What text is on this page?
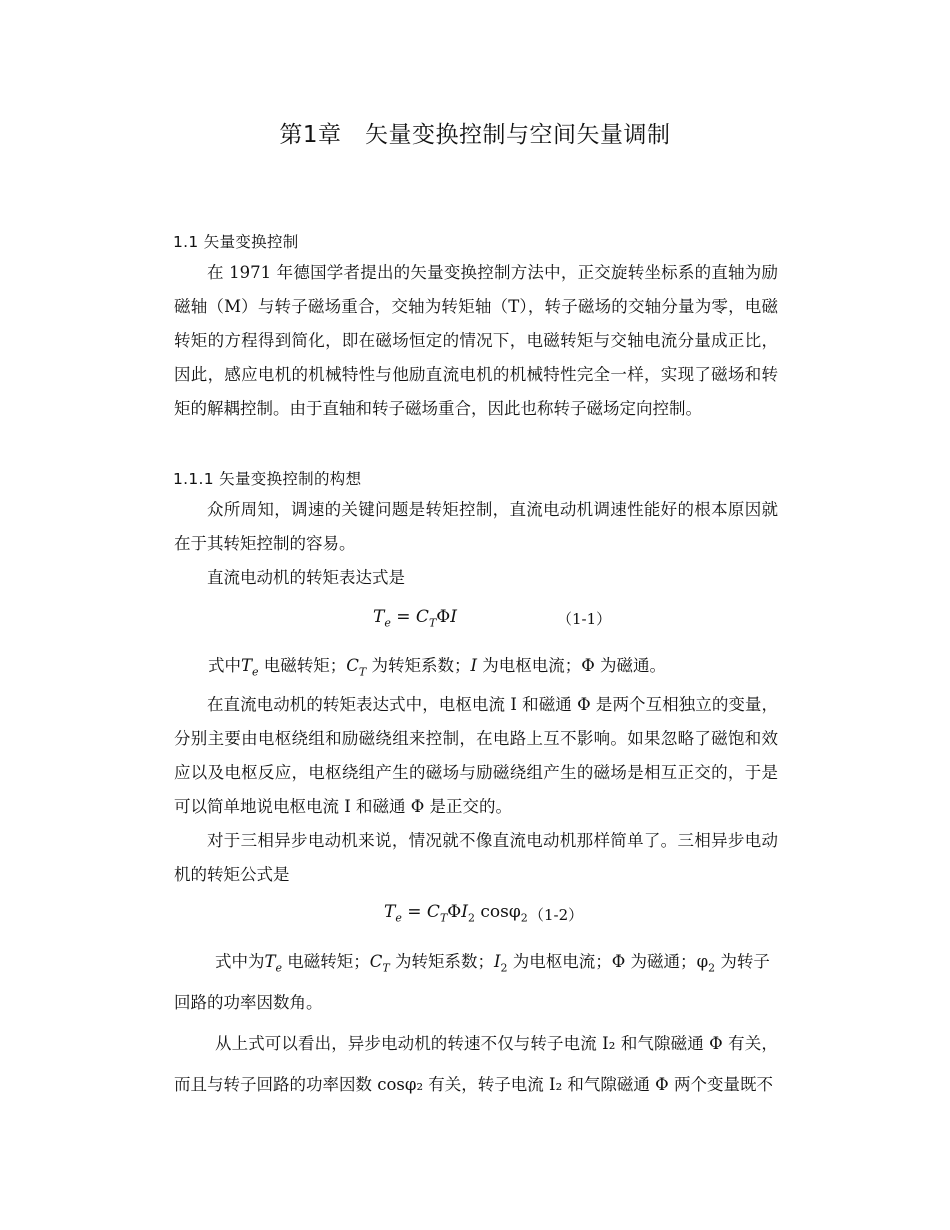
第1章　矢量变换控制与空间矢量调制
1.1 矢量变换控制

在 1971 年德国学者提出的矢量变换控制方法中，正交旋转坐标系的直轴为励磁轴（M）与转子磁场重合，交轴为转矩轴（T），转子磁场的交轴分量为零，电磁转矩的方程得到简化，即在磁场恒定的情况下，电磁转矩与交轴电流分量成正比，因此，感应电机的机械特性与他励直流电机的机械特性完全一样，实现了磁场和转矩的解耦控制。由于直轴和转子磁场重合，因此也称转子磁场定向控制。

1.1.1 矢量变换控制的构想

众所周知，调速的关键问题是转矩控制，直流电动机调速性能好的根本原因就在于其转矩控制的容易。

直流电动机的转矩表达式是

$T_e = C_T\Phi I$	（1-1）
式中$T_e$ 电磁转矩；$C_T$ 为转矩系数；I 为电枢电流；Φ 为磁通。

在直流电动机的转矩表达式中，电枢电流 I 和磁通 Φ 是两个互相独立的变量，分别主要由电枢绕组和励磁绕组来控制，在电路上互不影响。如果忽略了磁饱和效应以及电枢反应，电枢绕组产生的磁场与励磁绕组产生的磁场是相互正交的，于是可以简单地说电枢电流 I 和磁通 Φ 是正交的。

对于三相异步电动机来说，情况就不像直流电动机那样简单了。三相异步电动机的转矩公式是

$T_e = C_T\Phi I_2$ cosφ$_2$ （1-2）
式中为$T_e$ 电磁转矩；$C_T$ 为转矩系数；$I_2$ 为电枢电流；Φ 为磁通；$\varphi_2$ 为转子
回路的功率因数角。
从上式可以看出，异步电动机的转速不仅与转子电流 I₂ 和气隙磁通 Φ 有关，
而且与转子回路的功率因数 cosφ₂ 有关，转子电流 I₂ 和气隙磁通 Φ 两个变量既不
